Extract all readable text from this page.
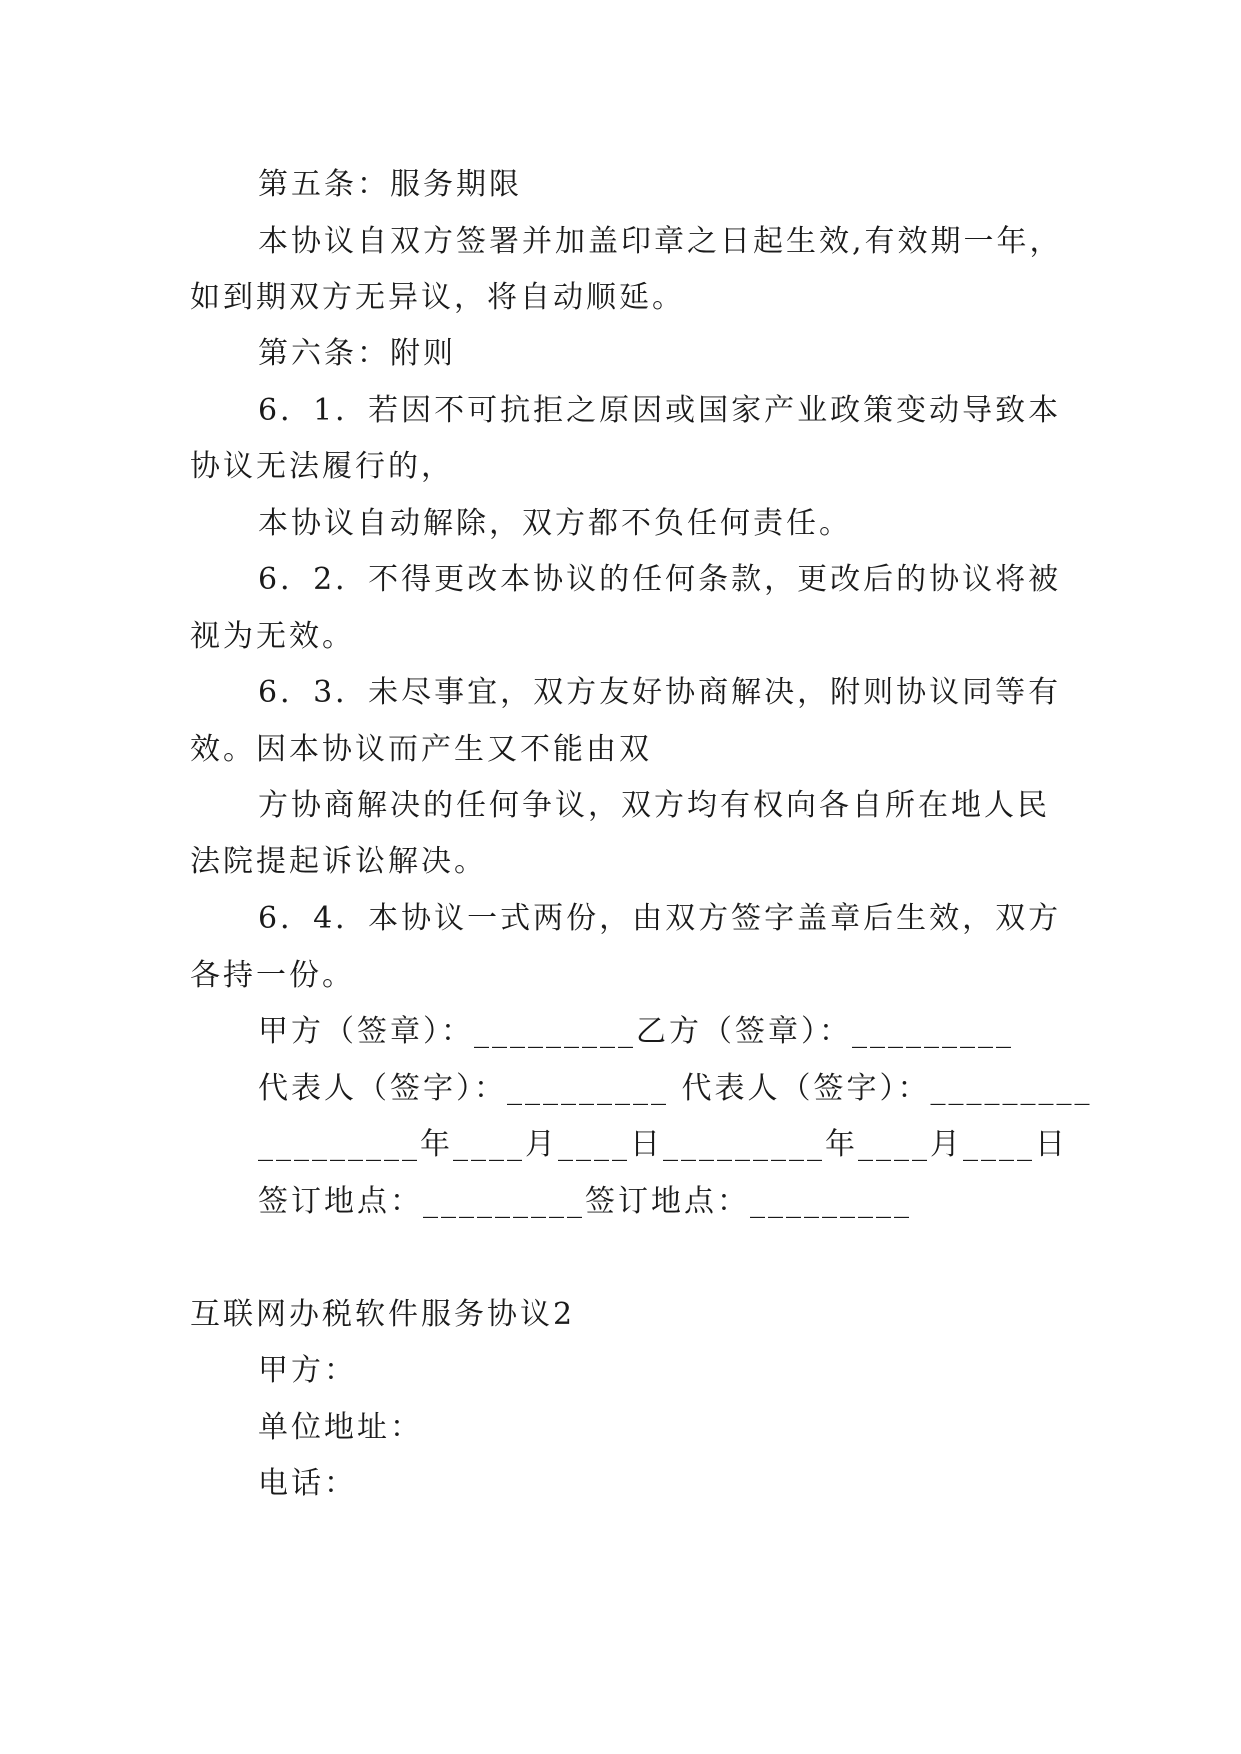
第五条：服务期限
本协议自双方签署并加盖印章之日起生效,有效期一年，
如到期双方无异议，将自动顺延。
第六条：附则
6．1．若因不可抗拒之原因或国家产业政策变动导致本
协议无法履行的，
本协议自动解除，双方都不负任何责任。
6．2．不得更改本协议的任何条款，更改后的协议将被
视为无效。
6．3．未尽事宜，双方友好协商解决，附则协议同等有
效。因本协议而产生又不能由双
方协商解决的任何争议，双方均有权向各自所在地人民
法院提起诉讼解决。
6．4．本协议一式两份，由双方签字盖章后生效，双方
各持一份。
甲方（签章）：_________乙方（签章）：_________
代表人（签字）：_________ 代表人（签字）：_________
_________年____月____日_________年____月____日
签订地点：_________签订地点：_________
互联网办税软件服务协议2
甲方：
单位地址：
电话：
